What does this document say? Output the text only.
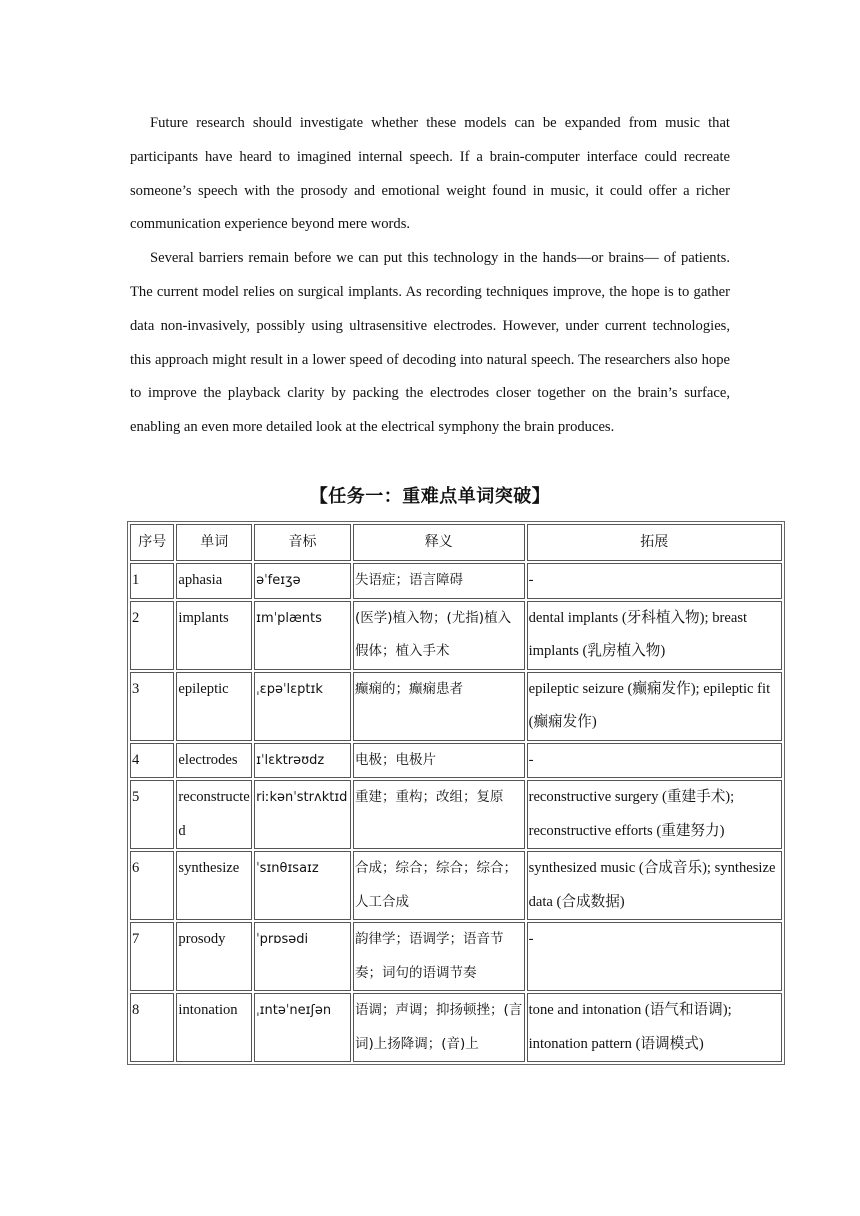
Future research should investigate whether these models can be expanded from music that participants have heard to imagined internal speech. If a brain-computer interface could recreate someone’s speech with the prosody and emotional weight found in music, it could offer a richer communication experience beyond mere words.

Several barriers remain before we can put this technology in the hands—or brains— of patients. The current model relies on surgical implants. As recording techniques improve, the hope is to gather data non-invasively, possibly using ultrasensitive electrodes. However, under current technologies, this approach might result in a lower speed of decoding into natural speech. The researchers also hope to improve the playback clarity by packing the electrodes closer together on the brain’s surface, enabling an even more detailed look at the electrical symphony the brain produces.

【任务一：重难点单词突破】
序号	单词	音标	释义	拓展
1	aphasia	əˈfeɪʒə	失语症；语言障碍	-
2	implants	ɪmˈplænts	(医学)植入物；(尤指)植入假体；植入手术	dental implants (牙科植入物); breast implants (乳房植入物)
3	epileptic	ˌɛpəˈlɛptɪk	癫痫的；癫痫患者	epileptic seizure (癫痫发作); epileptic fit (癫痫发作)
4	electrodes	ɪˈlɛktrəʊdz	电极；电极片	-
5	reconstructed	riːkənˈstrʌktɪd	重建；重构；改组；复原	reconstructive surgery (重建手术); reconstructive efforts (重建努力)
6	synthesize	ˈsɪnθɪsaɪz	合成；综合；综合；综合；人工合成	synthesized music (合成音乐); synthesize data (合成数据)
7	prosody	ˈprɒsədi	韵律学；语调学；语音节奏；词句的语调节奏	-
8	intonation	ˌɪntəˈneɪʃən	语调；声调；抑扬顿挫；(言词)上扬降调；(音)上	tone and intonation (语气和语调); intonation pattern (语调模式)
